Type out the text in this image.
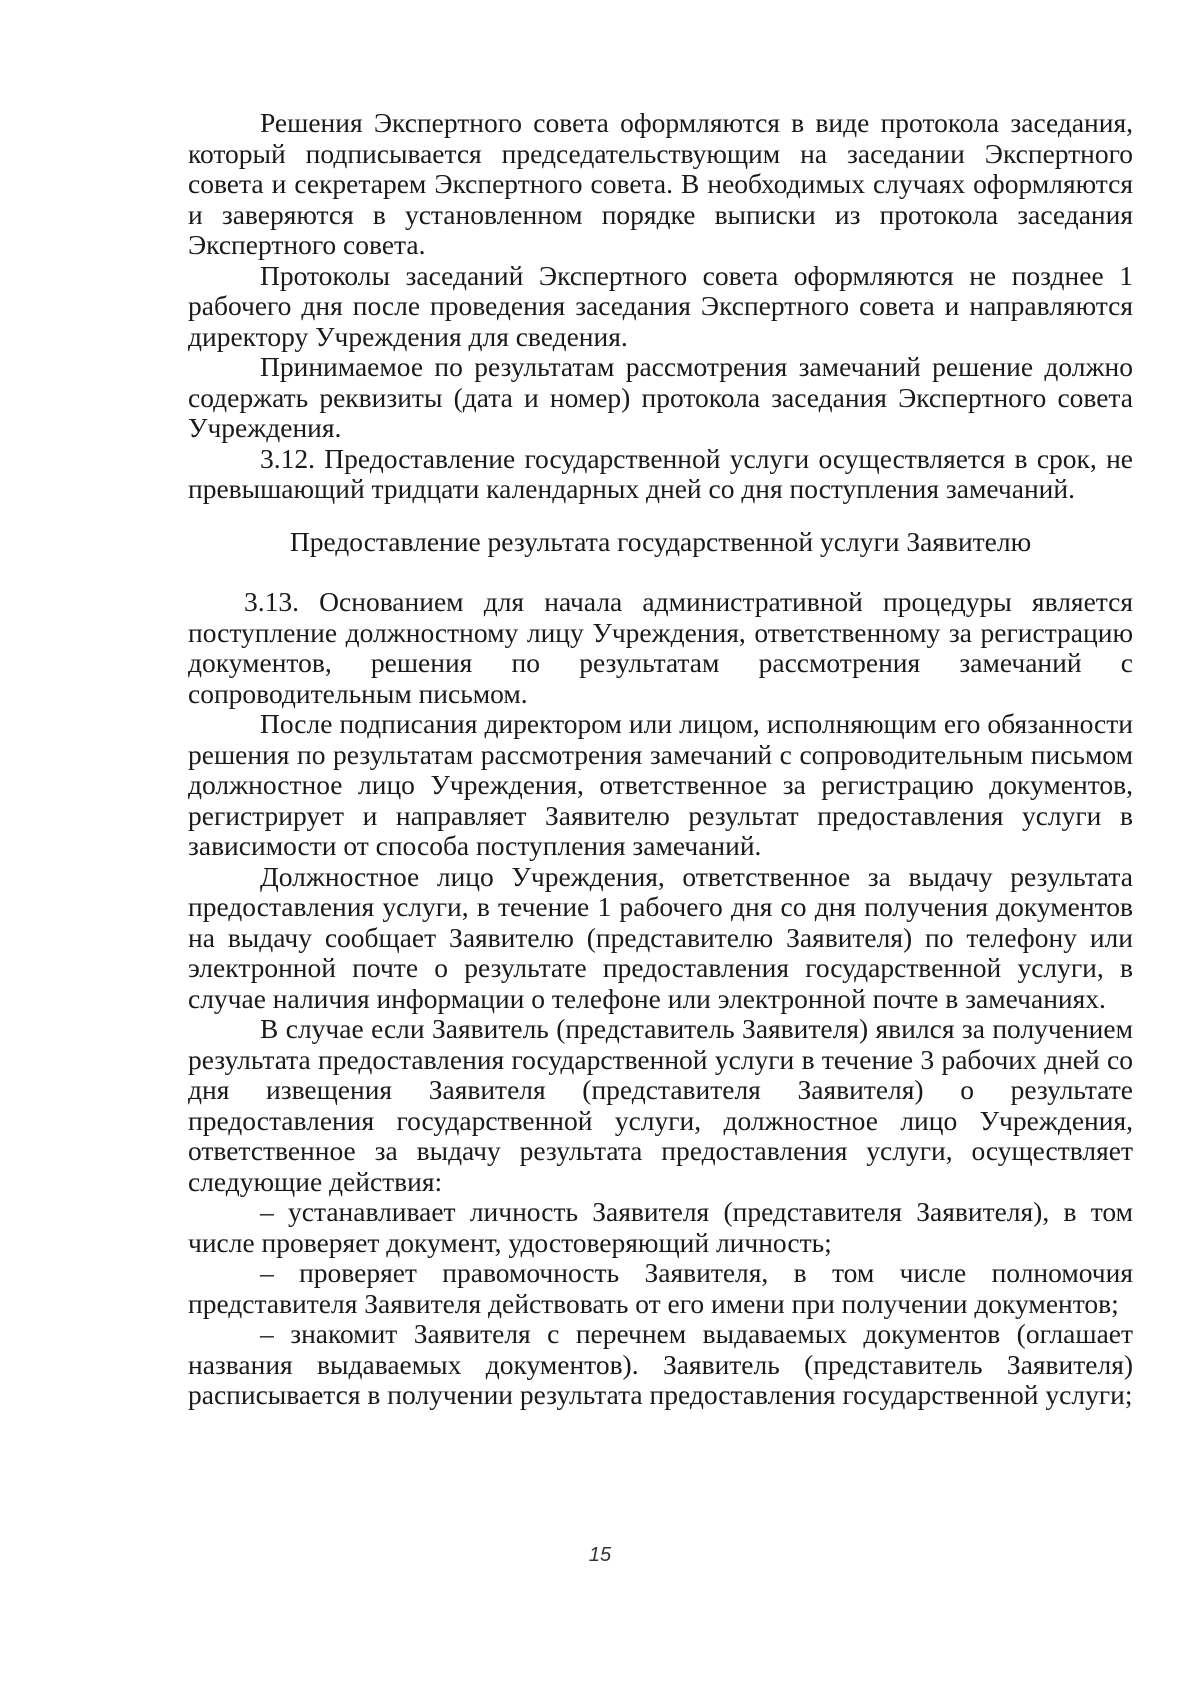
Решения Экспертного совета оформляются в виде протокола заседания, который подписывается председательствующим на заседании Экспертного совета и секретарем Экспертного совета. В необходимых случаях оформляются и заверяются в установленном порядке выписки из протокола заседания Экспертного совета.

Протоколы заседаний Экспертного совета оформляются не позднее 1 рабочего дня после проведения заседания Экспертного совета и направляются директору Учреждения для сведения.

Принимаемое по результатам рассмотрения замечаний решение должно содержать реквизиты (дата и номер) протокола заседания Экспертного совета Учреждения.

3.12. Предоставление государственной услуги осуществляется в срок, не превышающий тридцати календарных дней со дня поступления замечаний.

Предоставление результата государственной услуги Заявителю

3.13. Основанием для начала административной процедуры является поступление должностному лицу Учреждения, ответственному за регистрацию документов, решения по результатам рассмотрения замечаний с сопроводительным письмом.

После подписания директором или лицом, исполняющим его обязанности решения по результатам рассмотрения замечаний с сопроводительным письмом должностное лицо Учреждения, ответственное за регистрацию документов, регистрирует и направляет Заявителю результат предоставления услуги в зависимости от способа поступления замечаний.

Должностное лицо Учреждения, ответственное за выдачу результата предоставления услуги, в течение 1 рабочего дня со дня получения документов на выдачу сообщает Заявителю (представителю Заявителя) по телефону или электронной почте о результате предоставления государственной услуги, в случае наличия информации о телефоне или электронной почте в замечаниях.

В случае если Заявитель (представитель Заявителя) явился за получением результата предоставления государственной услуги в течение 3 рабочих дней со дня извещения Заявителя (представителя Заявителя) о результате предоставления государственной услуги, должностное лицо Учреждения, ответственное за выдачу результата предоставления услуги, осуществляет следующие действия:

– устанавливает личность Заявителя (представителя Заявителя), в том числе проверяет документ, удостоверяющий личность;

– проверяет правомочность Заявителя, в том числе полномочия представителя Заявителя действовать от его имени при получении документов;

– знакомит Заявителя с перечнем выдаваемых документов (оглашает названия выдаваемых документов). Заявитель (представитель Заявителя) расписывается в получении результата предоставления государственной услуги;

15
